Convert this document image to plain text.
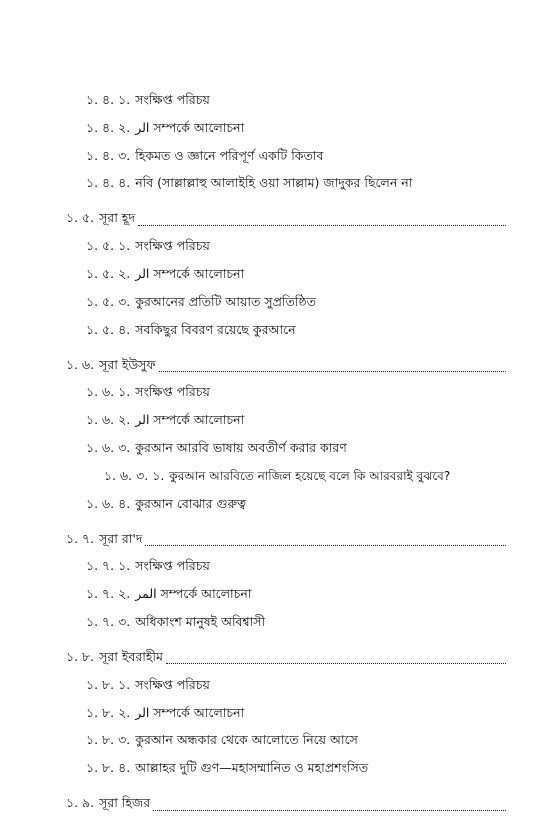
১. ৪. ১. সংক্ষিপ্ত পরিচয়
১. ৪. ২. الر সম্পর্কে আলোচনা
১. ৪. ৩. হিকমত ও জ্ঞানে পরিপূর্ণ একটি কিতাব
১. ৪. ৪. নবি (সাল্লাল্লাহু আলাইহি ওয়া সাল্লাম) জাদুকর ছিলেন না
১. ৫. সূরা হূদ
১. ৫. ১. সংক্ষিপ্ত পরিচয়
১. ৫. ২. الر সম্পর্কে আলোচনা
১. ৫. ৩. কুরআনের প্রতিটি আয়াত সুপ্রতিষ্ঠিত
১. ৫. ৪. সবকিছুর বিবরণ রয়েছে কুরআনে
১. ৬. সূরা ইউসুফ
১. ৬. ১. সংক্ষিপ্ত পরিচয়
১. ৬. ২. الر সম্পর্কে আলোচনা
১. ৬. ৩. কুরআন আরবি ভাষায় অবতীর্ণ করার কারণ
১. ৬. ৩. ১. কুরআন আরবিতে নাজিল হয়েছে বলে কি আরবরাই বুঝবে?
১. ৬. ৪. কুরআন বোঝার গুরুত্ব
১. ৭. সূরা রা'দ
১. ৭. ১. সংক্ষিপ্ত পরিচয়
১. ৭. ২. المر সম্পর্কে আলোচনা
১. ৭. ৩. অধিকাংশ মানুষই অবিশ্বাসী
১. ৮. সূরা ইবরাহীম
১. ৮. ১. সংক্ষিপ্ত পরিচয়
১. ৮. ২. الر সম্পর্কে আলোচনা
১. ৮. ৩. কুরআন অন্ধকার থেকে আলোতে নিয়ে আসে
১. ৮. ৪. আল্লাহর দুটি গুণ—মহাসম্মানিত ও মহাপ্রশংসিত
১. ৯. সূরা হিজর
